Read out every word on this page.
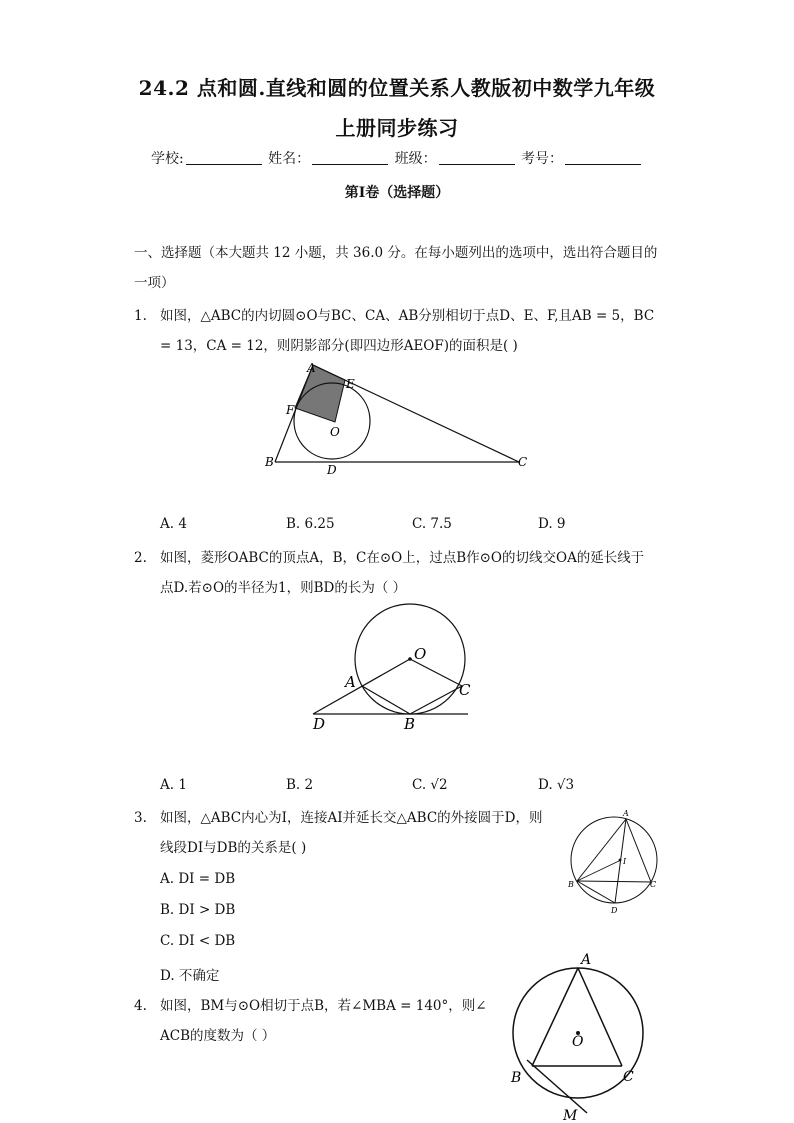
24.2 点和圆.直线和圆的位置关系人教版初中数学九年级
上册同步练习
学校:	姓名：	班级：	考号：
第Ⅰ卷（选择题）
一、选择题（本大题共 12 小题，共 36.0 分。在每小题列出的选项中，选出符合题目的
一项）
1. 如图，△ABC的内切圆⊙O与BC、CA、AB分别相切于点D、E、F,且AB = 5，BC
= 13，CA = 12，则阴影部分(即四边形AEOF)的面积是( )
A
E
F
O
B
D
C
A. 4	B. 6.25	C. 7.5	D. 9
2. 如图，菱形OABC的顶点A，B，C在⊙O上，过点B作⊙O的切线交OA的延长线于
点D.若⊙O的半径为1，则BD的长为（ ）
O
A	C
D	B
A. 1	B. 2	C. √2	D. √3
3. 如图，△ABC内心为I，连接AI并延长交△ABC的外接圆于D，则
线段DI与DB的关系是( )
A. DI = DB
B. DI > DB
C. DI < DB
D. 不确定
A
I
B	C
D
4. 如图，BM与⊙O相切于点B，若∠MBA = 140°，则∠
ACB的度数为（ ）
A
O
B	C
M
